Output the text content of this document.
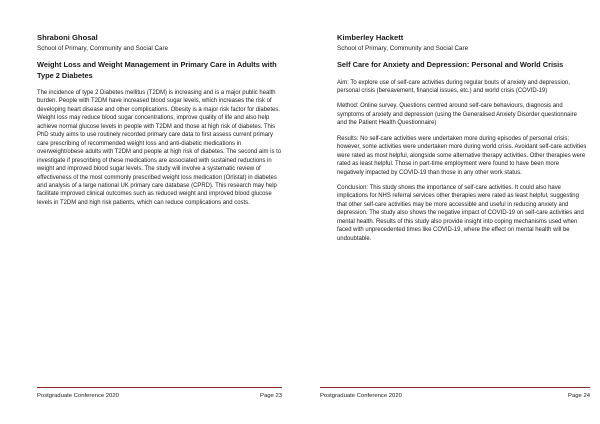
Shraboni Ghosal
School of Primary, Community and Social Care
Weight Loss and Weight Management in Primary Care in Adults with Type 2 Diabetes

The incidence of type 2 Diabetes mellitus (T2DM) is increasing and is a major public health burden. People with T2DM have increased blood sugar levels, which increases the risk of developing heart disease and other complications. Obesity is a major risk factor for diabetes. Weight loss may reduce blood sugar concentrations, improve quality of life and also help achieve normal glucose levels in people with T2DM and those at high risk of diabetes. This PhD study aims to use routinely recorded primary care data to first assess current primary care prescribing of recommended weight loss and anti-diabetic medications in overweight/obese adults with T2DM and people at high risk of diabetes. The second aim is to investigate if prescribing of these medications are associated with sustained reductions in weight and improved blood sugar levels. The study will involve a systematic review of effectiveness of the most commonly prescribed weight loss medication (Orlistat) in diabetes and analysis of a large national UK primary care database (CPRD). This research may help facilitate improved clinical outcomes such as reduced weight and improved blood glucose levels in T2DM and high risk patients, which can reduce complications and costs.

Postgraduate Conference 2020	Page 23
Kimberley Hackett
School of Primary, Community and Social Care
Self Care for Anxiety and Depression: Personal and World Crisis

Aim: To explore use of self-care activities during regular bouts of anxiety and depression, personal crisis (bereavement, financial issues, etc.) and world crisis (COVID-19)

Method: Online survey. Questions centred around self-care behaviours, diagnosis and symptoms of anxiety and depression (using the Generalised Anxiety Disorder questionnaire and the Patient Health Questionnaire)

Results: No self-care activities were undertaken more during episodes of personal crisis; however, some activities were undertaken more during world crisis. Avoidant self-care activities were rated as most helpful, alongside some alternative therapy activities. Other therapies were rated as least helpful. Those in part-time employment were found to have been more negatively impacted by COVID-19 than those in any other work status.

Conclusion: This study shows the importance of self-care activities. It could also have implications for NHS referral services other therapies were rated as least helpful, suggesting that other self-care activities may be more accessible and useful in reducing anxiety and depression. The study also shows the negative impact of COVID-19 on self-care activities and mental health. Results of this study also provide insight into coping mechanisms used when faced with unprecedented times like COVID-19, where the effect on mental health will be undoubtable.

Postgraduate Conference 2020	Page 24
